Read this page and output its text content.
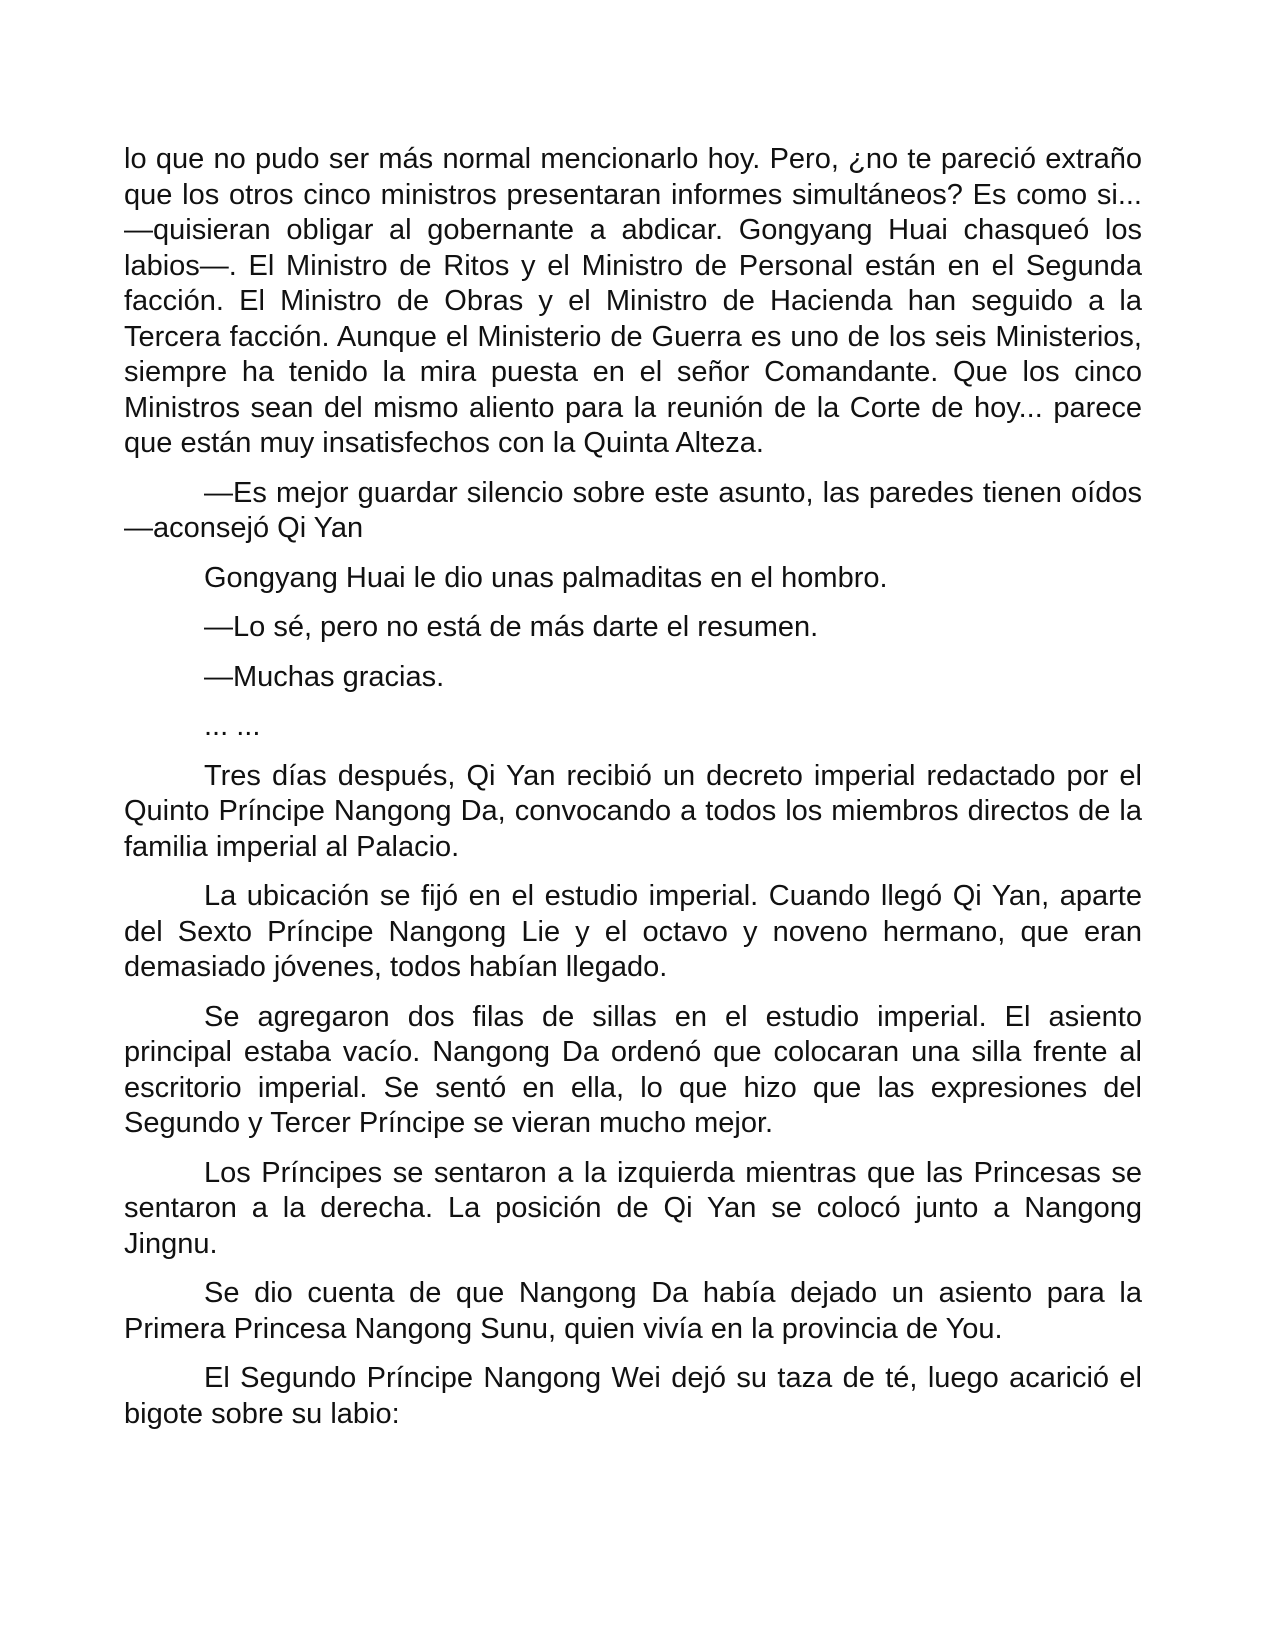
lo que no pudo ser más normal mencionarlo hoy. Pero, ¿no te pareció extraño que los otros cinco ministros presentaran informes simultáneos? Es como si... —quisieran obligar al gobernante a abdicar. Gongyang Huai chasqueó los labios—. El Ministro de Ritos y el Ministro de Personal están en el Segunda facción. El Ministro de Obras y el Ministro de Hacienda han seguido a la Tercera facción. Aunque el Ministerio de Guerra es uno de los seis Ministerios, siempre ha tenido la mira puesta en el señor Comandante. Que los cinco Ministros sean del mismo aliento para la reunión de la Corte de hoy... parece que están muy insatisfechos con la Quinta Alteza.

—Es mejor guardar silencio sobre este asunto, las paredes tienen oídos —aconsejó Qi Yan

Gongyang Huai le dio unas palmaditas en el hombro.

—Lo sé, pero no está de más darte el resumen.

—Muchas gracias.

... ...

Tres días después, Qi Yan recibió un decreto imperial redactado por el Quinto Príncipe Nangong Da, convocando a todos los miembros directos de la familia imperial al Palacio.

La ubicación se fijó en el estudio imperial. Cuando llegó Qi Yan, aparte del Sexto Príncipe Nangong Lie y el octavo y noveno hermano, que eran demasiado jóvenes, todos habían llegado.

Se agregaron dos filas de sillas en el estudio imperial. El asiento principal estaba vacío. Nangong Da ordenó que colocaran una silla frente al escritorio imperial. Se sentó en ella, lo que hizo que las expresiones del Segundo y Tercer Príncipe se vieran mucho mejor.

Los Príncipes se sentaron a la izquierda mientras que las Princesas se sentaron a la derecha. La posición de Qi Yan se colocó junto a Nangong Jingnu.

Se dio cuenta de que Nangong Da había dejado un asiento para la Primera Princesa Nangong Sunu, quien vivía en la provincia de You.

El Segundo Príncipe Nangong Wei dejó su taza de té, luego acarició el bigote sobre su labio:
